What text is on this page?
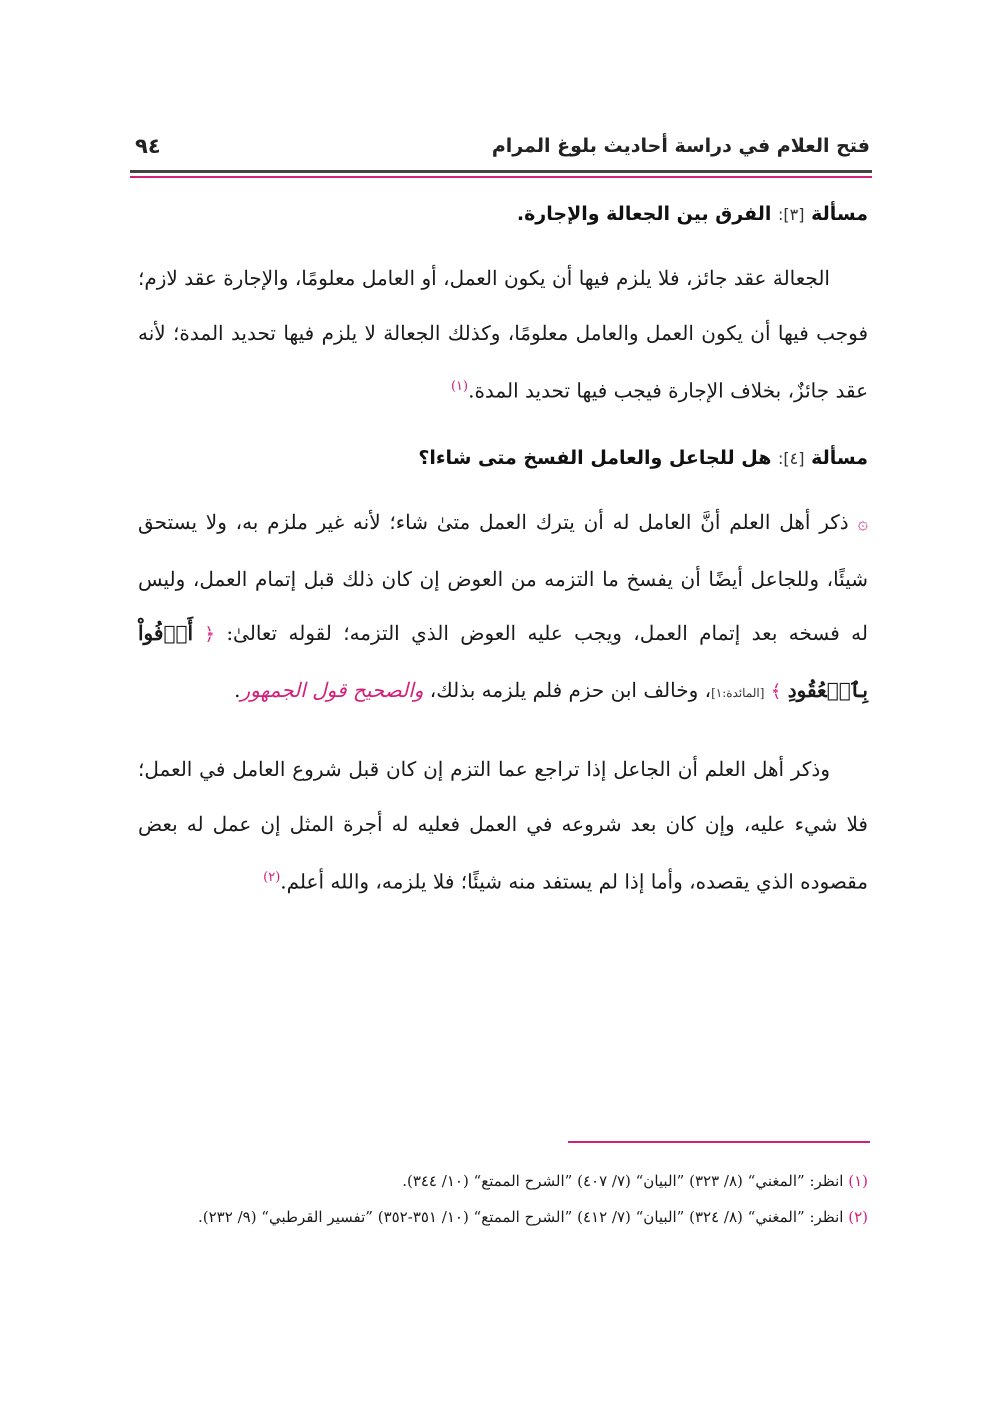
فتح العلام في دراسة أحاديث بلوغ المرام
٩٤
مسألة [٣]: الفرق بين الجعالة والإجارة.

الجعالة عقد جائز، فلا يلزم فيها أن يكون العمل، أو العامل معلومًا، والإجارة عقد لازم؛ فوجب فيها أن يكون العمل والعامل معلومًا، وكذلك الجعالة لا يلزم فيها تحديد المدة؛ لأنه عقد جائزٌ، بخلاف الإجارة فيجب فيها تحديد المدة.$^{(١)}$

مسألة [٤]: هل للجاعل والعامل الفسخ متى شاءا؟

۞ ذكر أهل العلم أنَّ العامل له أن يترك العمل متىٰ شاء؛ لأنه غير ملزم به، ولا يستحق شيئًا، وللجاعل أيضًا أن يفسخ ما التزمه من العوض إن كان ذلك قبل إتمام العمل، وليس له فسخه بعد إتمام العمل، ويجب عليه العوض الذي التزمه؛ لقوله تعالىٰ: ﴿ أَوۡفُواْ بِٱلۡعُقُودِ ﴾ [المائدة:١]، وخالف ابن حزم فلم يلزمه بذلك، والصحيح قول الجمهور.

وذكر أهل العلم أن الجاعل إذا تراجع عما التزم إن كان قبل شروع العامل في العمل؛ فلا شيء عليه، وإن كان بعد شروعه في العمل فعليه له أجرة المثل إن عمل له بعض مقصوده الذي يقصده، وأما إذا لم يستفد منه شيئًا؛ فلا يلزمه، والله أعلم.$^{(٢)}$

(١) انظر: ”المغني“ (٨/ ٣٢٣) ”البيان“ (٧/ ٤٠٧) ”الشرح الممتع“ (١٠/ ٣٤٤).

(٢) انظر: ”المغني“ (٨/ ٣٢٤) ”البيان“ (٧/ ٤١٢) ”الشرح الممتع“ (١٠/ ٣٥١-٣٥٢) ”تفسير القرطبي“ (٩/ ٢٣٢).
